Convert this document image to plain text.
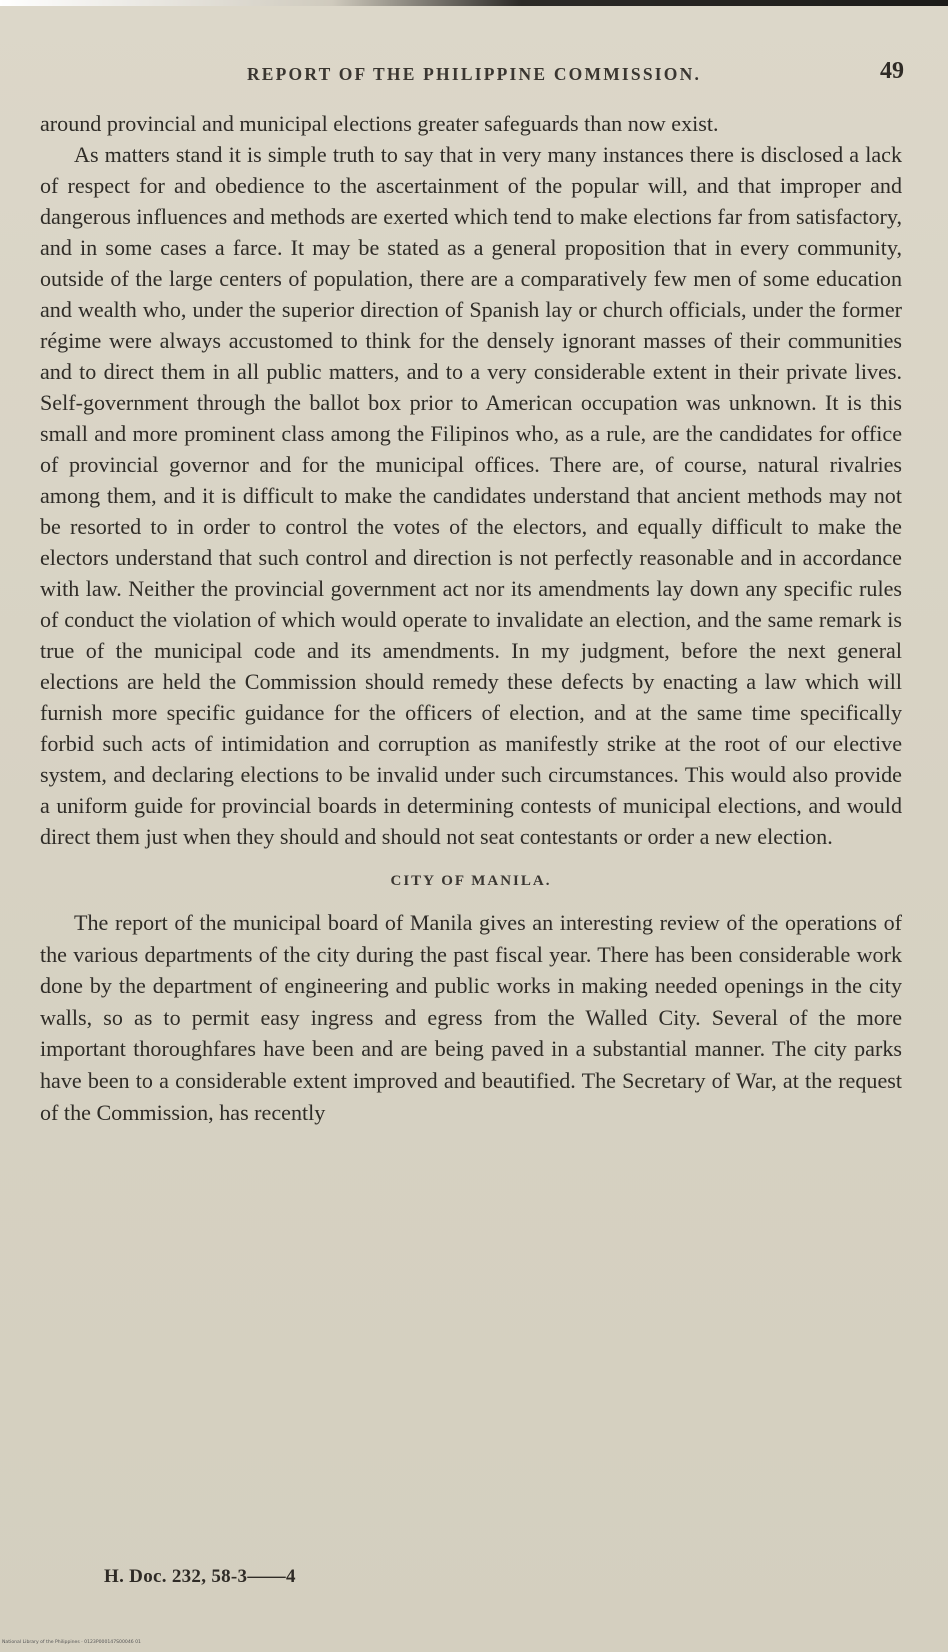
REPORT OF THE PHILIPPINE COMMISSION.	49

around provincial and municipal elections greater safeguards than now exist.

As matters stand it is simple truth to say that in very many instances there is disclosed a lack of respect for and obedience to the ascertainment of the popular will, and that improper and dangerous influences and methods are exerted which tend to make elections far from satisfactory, and in some cases a farce. It may be stated as a general proposition that in every community, outside of the large centers of population, there are a comparatively few men of some education and wealth who, under the superior direction of Spanish lay or church officials, under the former régime were always accustomed to think for the densely ignorant masses of their communities and to direct them in all public matters, and to a very considerable extent in their private lives. Self-government through the ballot box prior to American occupation was unknown. It is this small and more prominent class among the Filipinos who, as a rule, are the candidates for office of provincial governor and for the municipal offices. There are, of course, natural rivalries among them, and it is difficult to make the candidates understand that ancient methods may not be resorted to in order to control the votes of the electors, and equally difficult to make the electors understand that such control and direction is not perfectly reasonable and in accordance with law. Neither the provincial government act nor its amendments lay down any specific rules of conduct the violation of which would operate to invalidate an election, and the same remark is true of the municipal code and its amendments. In my judgment, before the next general elections are held the Commission should remedy these defects by enacting a law which will furnish more specific guidance for the officers of election, and at the same time specifically forbid such acts of intimidation and corruption as manifestly strike at the root of our elective system, and declaring elections to be invalid under such circumstances. This would also provide a uniform guide for provincial boards in determining contests of municipal elections, and would direct them just when they should and should not seat contestants or order a new election.

CITY OF MANILA.

The report of the municipal board of Manila gives an interesting review of the operations of the various departments of the city during the past fiscal year. There has been considerable work done by the department of engineering and public works in making needed openings in the city walls, so as to permit easy ingress and egress from the Walled City. Several of the more important thoroughfares have been and are being paved in a substantial manner. The city parks have been to a considerable extent improved and beautified. The Secretary of War, at the request of the Commission, has recently

H. Doc. 232, 58-3——4
National Library of the Philippines · 0123P000147S00046 01
